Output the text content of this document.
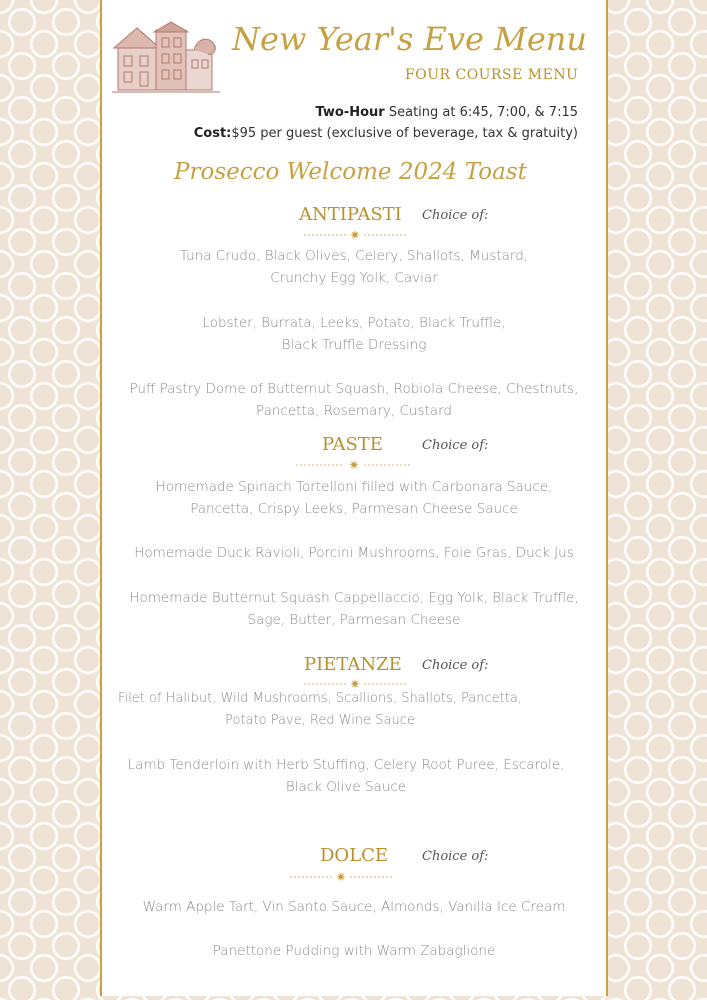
New Year's Eve Menu
FOUR COURSE MENU
Two-Hour Seating at 6:45, 7:00, & 7:15
Cost:$95 per guest (exclusive of beverage, tax & gratuity)
Prosecco Welcome 2024 Toast
ANTIPASTI Choice of:
✷
Tuna Crudo, Black Olives, Celery, Shallots, Mustard,
Crunchy Egg Yolk, Caviar
Lobster, Burrata, Leeks, Potato, Black Truffle,
Black Truffle Dressing
Puff Pastry Dome of Butternut Squash, Robiola Cheese, Chestnuts,
Pancetta, Rosemary, Custard
PASTE	Choice of:
✷
Homemade Spinach Tortelloni filled with Carbonara Sauce,
Pancetta, Crispy Leeks, Parmesan Cheese Sauce
Homemade Duck Ravioli, Porcini Mushrooms, Foie Gras, Duck Jus
Homemade Butternut Squash Cappellaccio, Egg Yolk, Black Truffle,
Sage, Butter, Parmesan Cheese
PIETANZE Choice of:
✷
Filet of Halibut, Wild Mushrooms, Scallions, Shallots, Pancetta,
Potato Pave, Red Wine Sauce
Lamb Tenderloin with Herb Stuffing, Celery Root Puree, Escarole,
Black Olive Sauce
DOLCE	Choice of:
✷
Warm Apple Tart, Vin Santo Sauce, Almonds, Vanilla Ice Cream
Panettone Pudding with Warm Zabaglione
